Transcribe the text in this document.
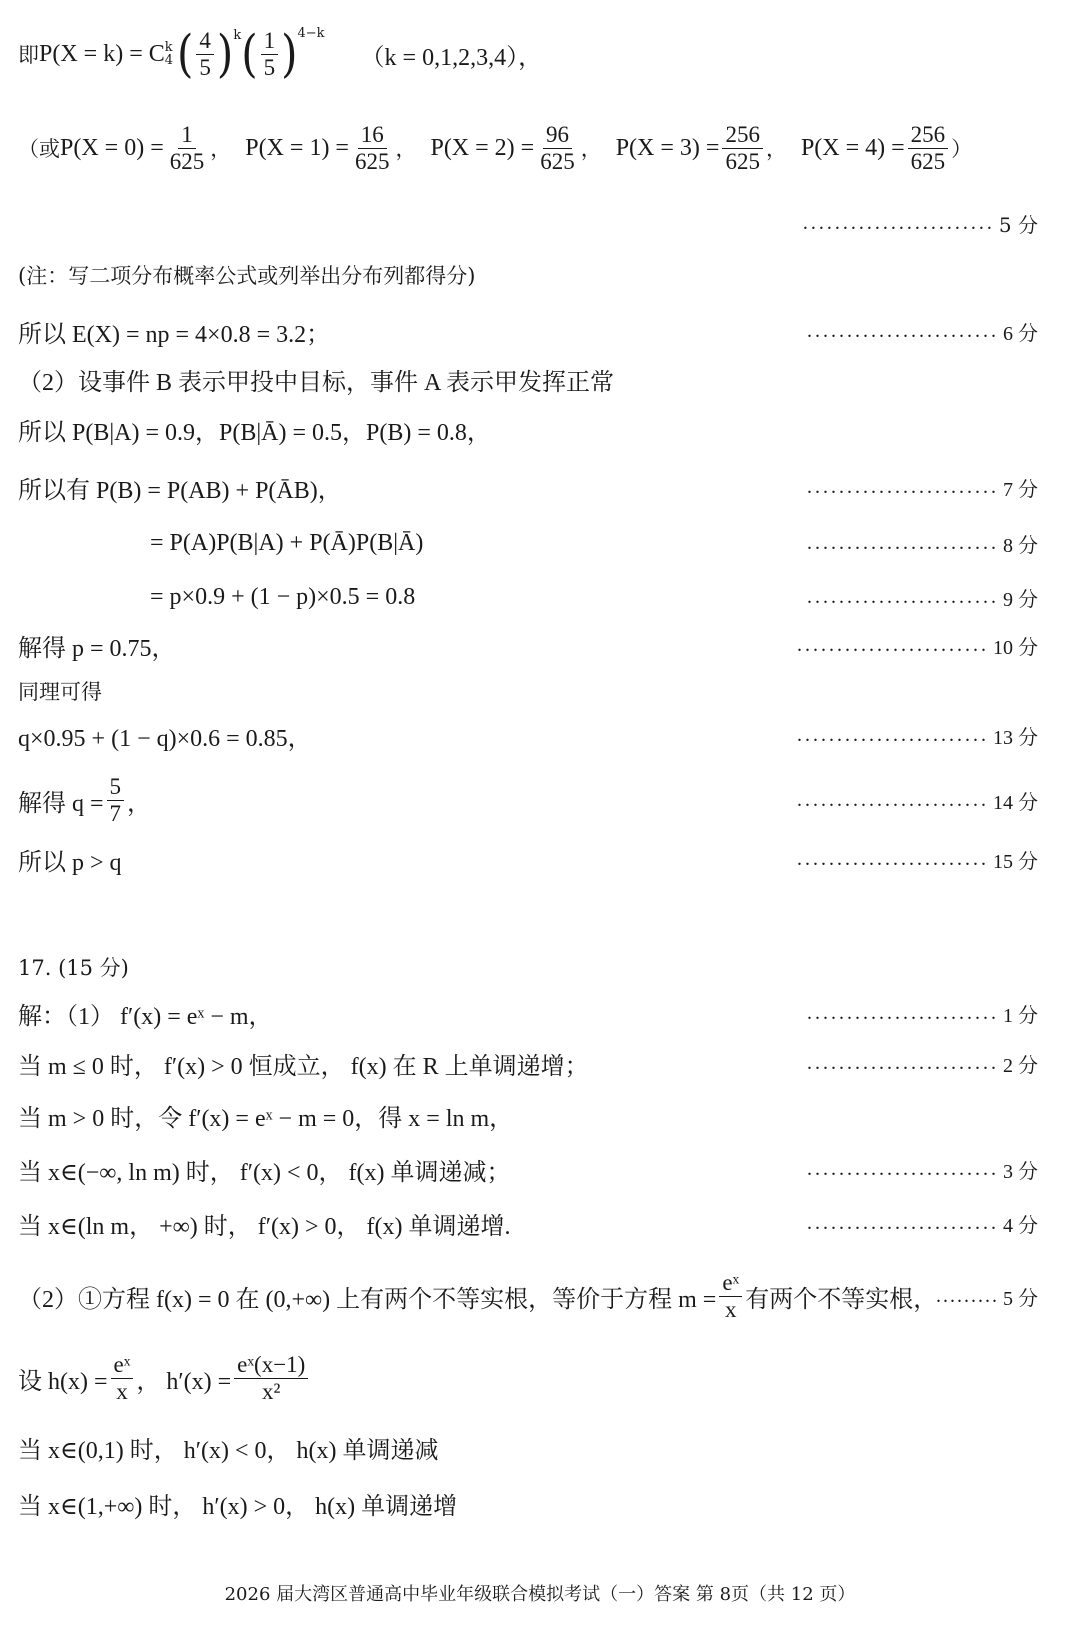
即 P(X = k) = C k
4 ( $\frac{4}{5} )^k$ ( $\frac{1}{5} )^{4-k}$
（k = 0,1,2,3,4），
（或 $P(X = 0) = \frac{1}{625}$ ， $P(X = 1) = \frac{16}{625}$ ， $P(X = 2) = \frac{96}{625}$ ， $P(X = 3) = \frac{256}{625}$ ， $P(X = 4) = \frac{256}{625}$ ）
........................ 5 分
(注：写二项分布概率公式或列举出分布列都得分)
所以 E(X) = np = 4×0.8 = 3.2；	........................ 6 分
（2）设事件 B 表示甲投中目标，事件 A 表示甲发挥正常
所以 P(B|A) = 0.9，P(B|Ā) = 0.5，P(B) = 0.8，
所以有 P(B) = P(AB) + P(ĀB)，	........................ 7 分
= P(A)P(B|A) + P(Ā)P(B|Ā)	........................ 8 分
= p×0.9 + (1 − p)×0.5 = 0.8	........................ 9 分
解得 p = 0.75，	........................ 10 分
同理可得
q×0.95 + (1 − q)×0.6 = 0.85，	........................ 13 分
解得 $q = \frac{5}{7}$ ，	........................ 14 分
所以 p > q	........................ 15 分
17. (15 分)
解：（1） f′(x) = eˣ − m，	........................ 1 分
当 m ≤ 0 时， f′(x) > 0 恒成立， f(x) 在 R 上单调递增；	........................ 2 分
当 m > 0 时，令 f′(x) = eˣ − m = 0，得 x = ln m，
当 x∈(−∞, ln m) 时， f′(x) < 0， f(x) 单调递减；	........................ 3 分
当 x∈(ln m， +∞) 时， f′(x) > 0， f(x) 单调递增.	........................ 4 分
（2）①方程 f(x) = 0 在 (0,+∞) 上有两个不等实根，等价于方程 $m = \frac{\text{eˣ}}{x}$ 有两个不等实根，
......... 5 分
设 $h(x) = \frac{\text{eˣ}}{x}$ ， $h'(x) = \frac{\text{eˣ(x−1)}}{\text{x²}}$
当 x∈(0,1) 时， h′(x) < 0， h(x) 单调递减
当 x∈(1,+∞) 时， h′(x) > 0， h(x) 单调递增
2026 届大湾区普通高中毕业年级联合模拟考试（一）答案 第 8页（共 12 页）
